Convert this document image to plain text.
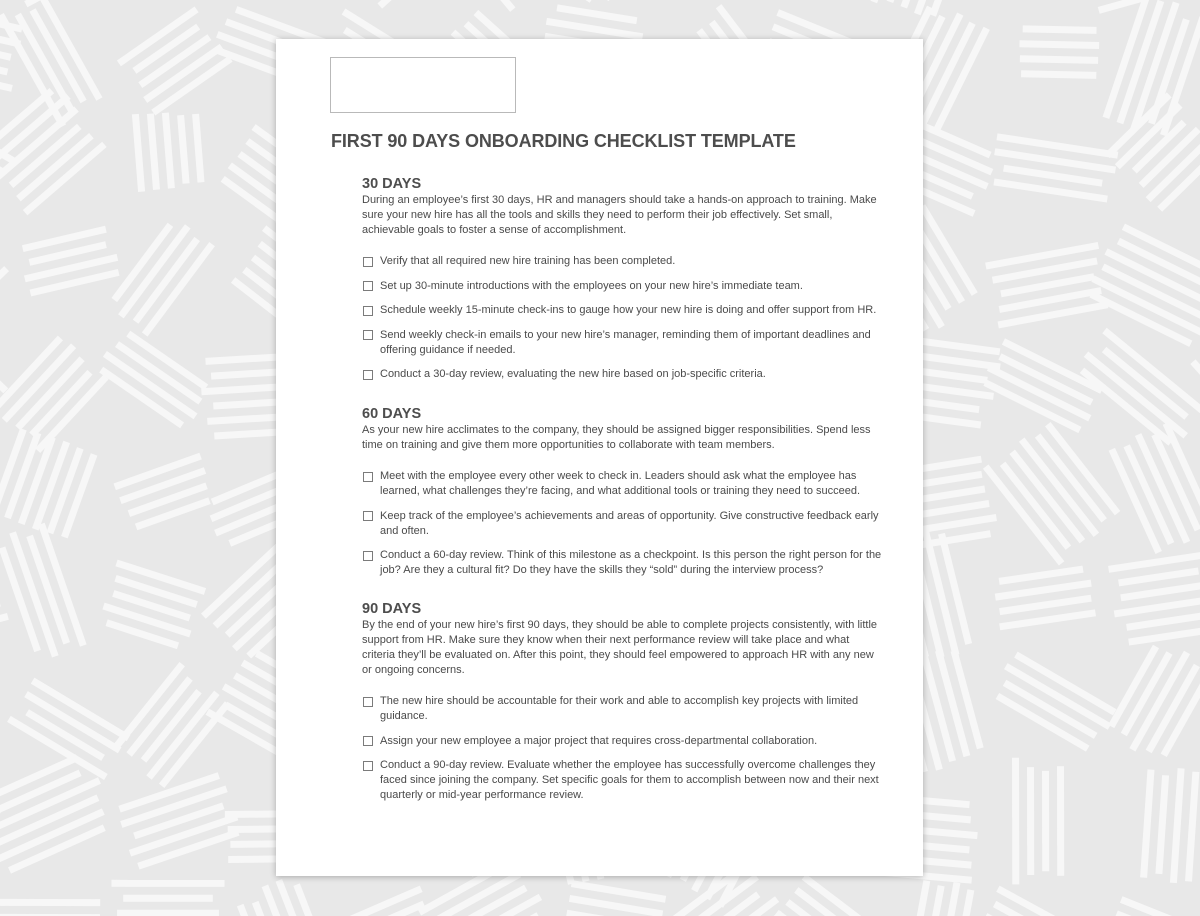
FIRST 90 DAYS ONBOARDING CHECKLIST TEMPLATE
30 DAYS

During an employee’s first 30 days, HR and managers should take a hands-on approach to training. Make sure your new hire has all the tools and skills they need to perform their job effectively. Set small, achievable goals to foster a sense of accomplishment.

Verify that all required new hire training has been completed.
Set up 30-minute introductions with the employees on your new hire’s immediate team.
Schedule weekly 15-minute check-ins to gauge how your new hire is doing and offer support from HR.
Send weekly check-in emails to your new hire’s manager, reminding them of important deadlines and offering guidance if needed.
Conduct a 30-day review, evaluating the new hire based on job-specific criteria.
60 DAYS

As your new hire acclimates to the company, they should be assigned bigger responsibilities. Spend less time on training and give them more opportunities to collaborate with team members.

Meet with the employee every other week to check in. Leaders should ask what the employee has learned, what challenges they’re facing, and what additional tools or training they need to succeed.
Keep track of the employee’s achievements and areas of opportunity. Give constructive feedback early and often.
Conduct a 60-day review. Think of this milestone as a checkpoint. Is this person the right person for the job? Are they a cultural fit? Do they have the skills they “sold” during the interview process?
90 DAYS

By the end of your new hire’s first 90 days, they should be able to complete projects consistently, with little support from HR. Make sure they know when their next performance review will take place and what criteria they’ll be evaluated on. After this point, they should feel empowered to approach HR with any new or ongoing concerns.

The new hire should be accountable for their work and able to accomplish key projects with limited guidance.
Assign your new employee a major project that requires cross-departmental collaboration.
Conduct a 90-day review. Evaluate whether the employee has successfully overcome challenges they faced since joining the company. Set specific goals for them to accomplish between now and their next quarterly or mid-year performance review.
